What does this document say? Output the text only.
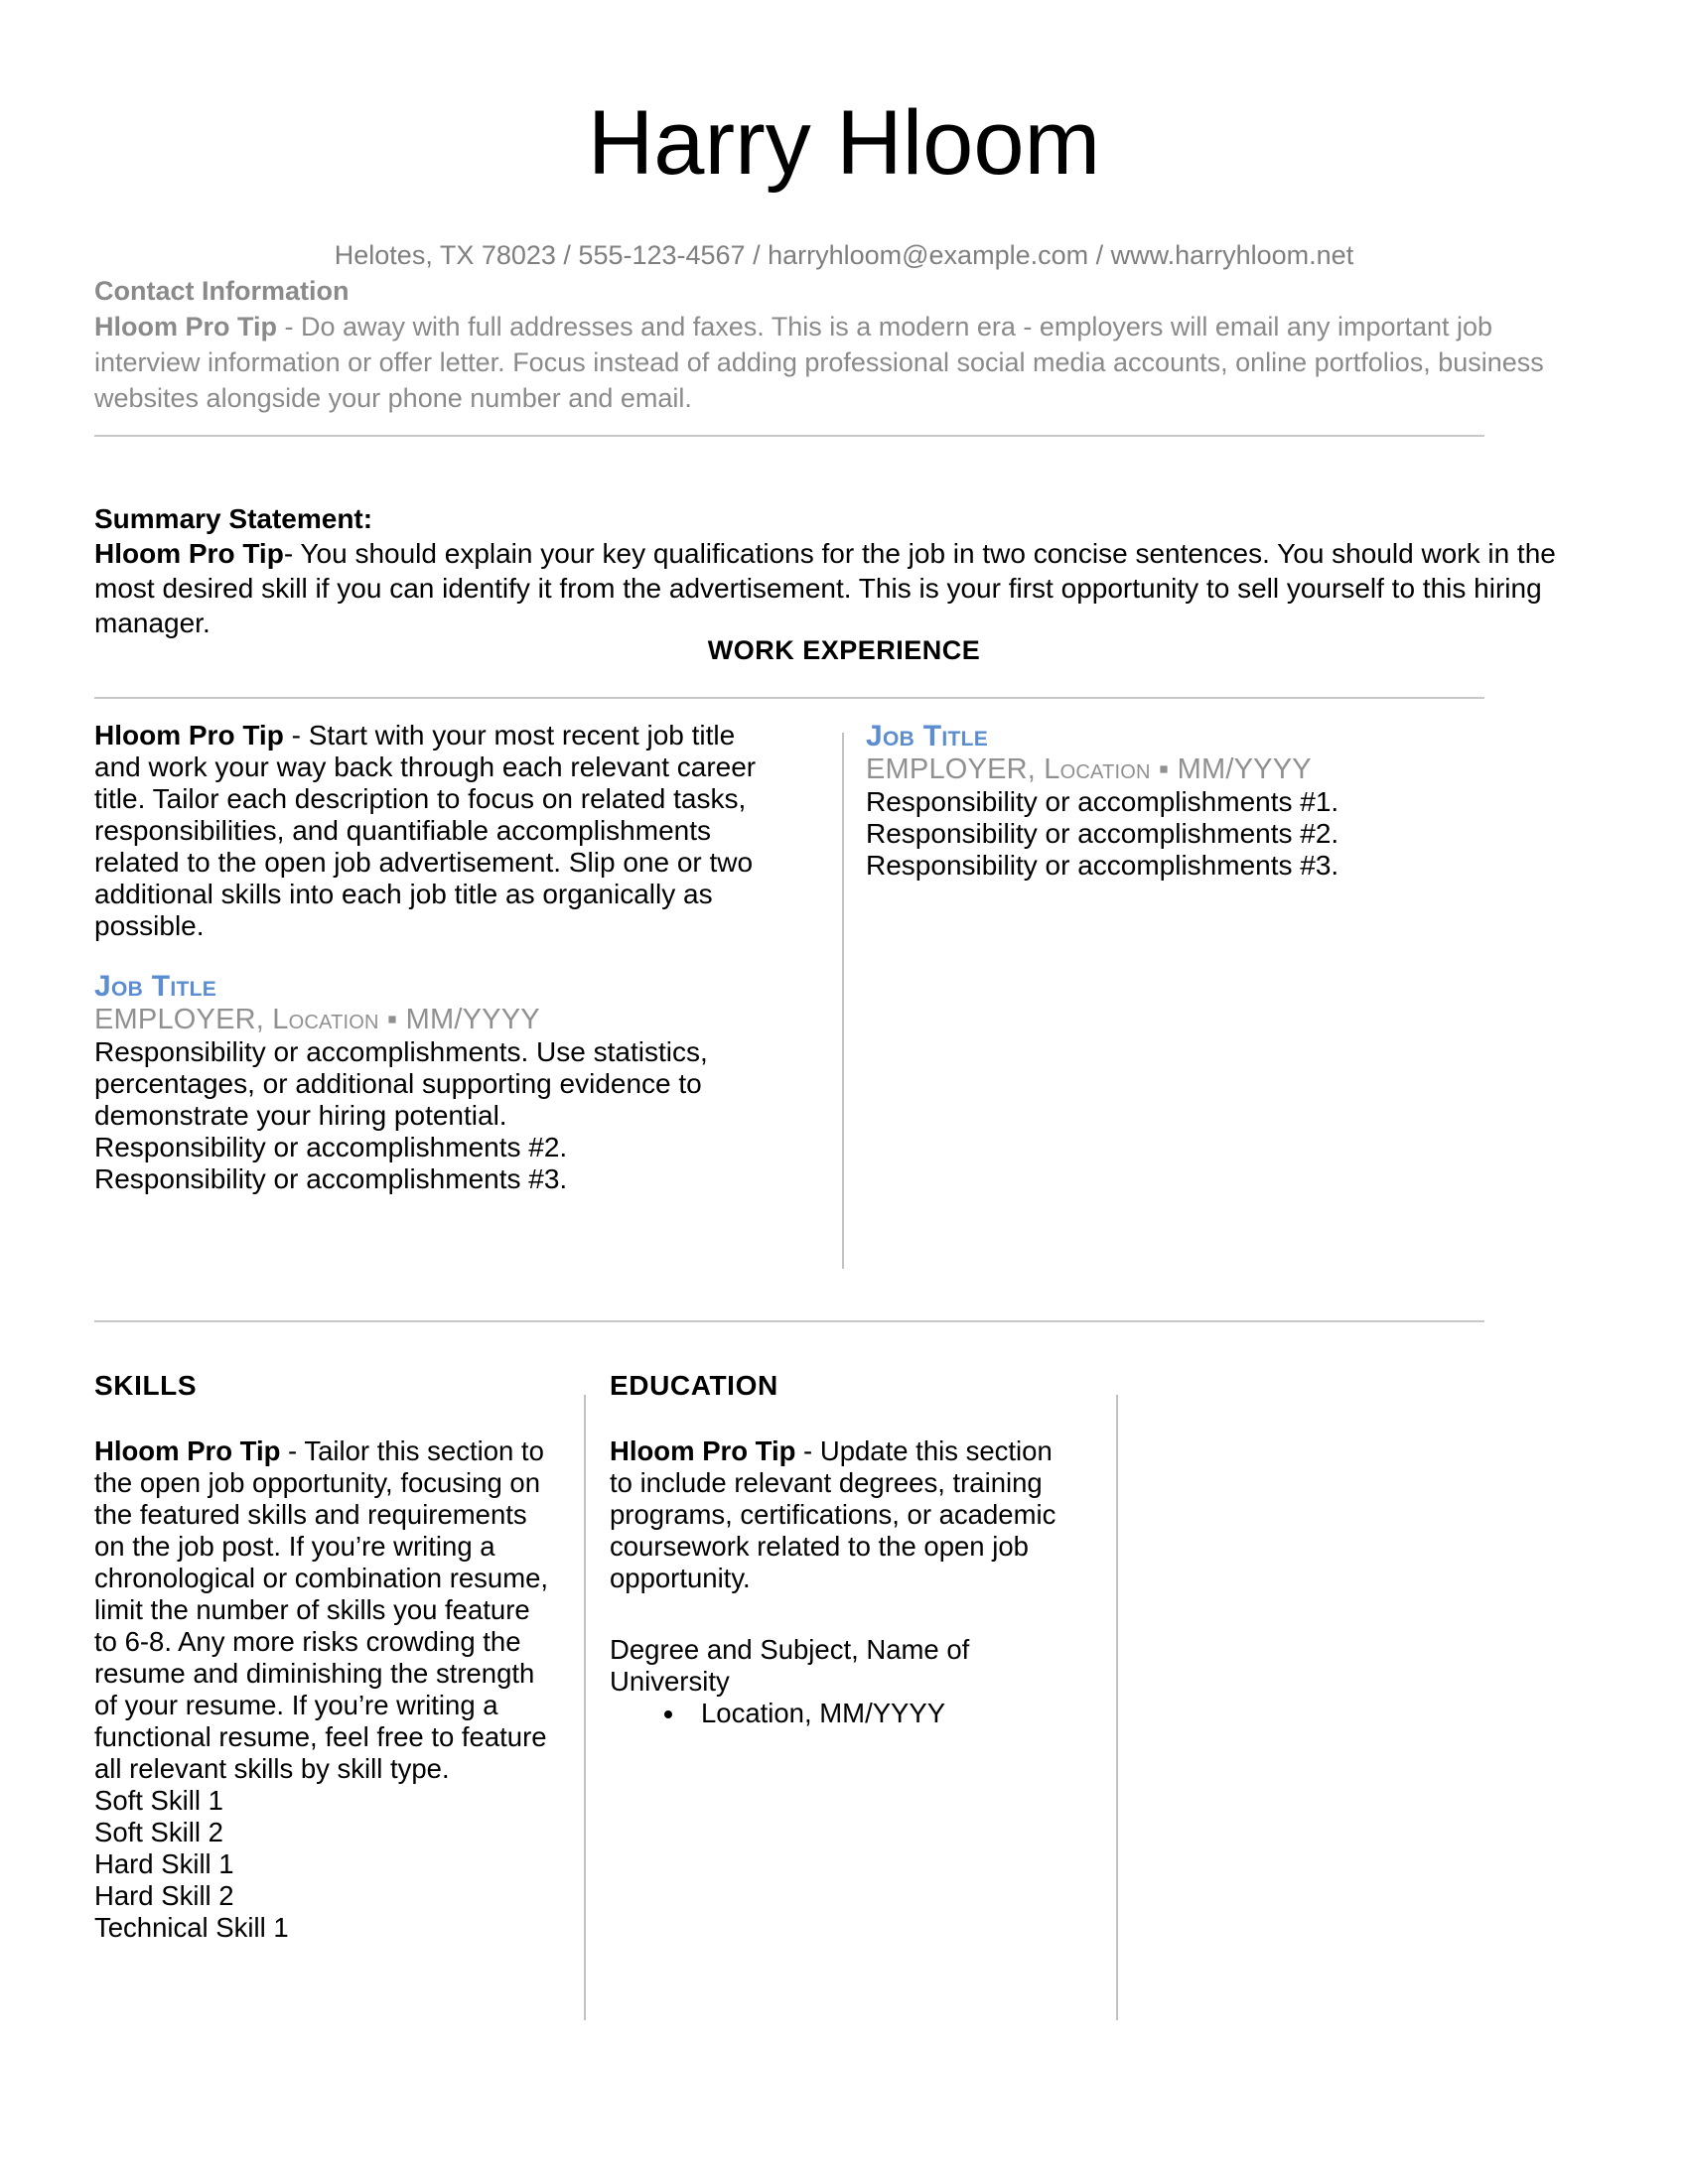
Harry Hloom
Helotes, TX 78023 / 555-123-4567 / harryhloom@example.com / www.harryhloom.net
Contact Information
Hloom Pro Tip - Do away with full addresses and faxes. This is a modern era - employers will email any important job interview information or offer letter. Focus instead of adding professional social media accounts, online portfolios, business websites alongside your phone number and email.
Summary Statement:
Hloom Pro Tip- You should explain your key qualifications for the job in two concise sentences. You should work in the most desired skill if you can identify it from the advertisement. This is your first opportunity to sell yourself to this hiring manager.
WORK EXPERIENCE
Hloom Pro Tip - Start with your most recent job title and work your way back through each relevant career title. Tailor each description to focus on related tasks, responsibilities, and quantifiable accomplishments related to the open job advertisement. Slip one or two additional skills into each job title as organically as possible.
Job Title
EMPLOYER, Location ▪ MM/YYYY
Responsibility or accomplishments. Use statistics, percentages, or additional supporting evidence to demonstrate your hiring potential.
Responsibility or accomplishments #2.
Responsibility or accomplishments #3.
Job Title
EMPLOYER, Location ▪ MM/YYYY
Responsibility or accomplishments #1.
Responsibility or accomplishments #2.
Responsibility or accomplishments #3.
SKILLS
Hloom Pro Tip - Tailor this section to the open job opportunity, focusing on the featured skills and requirements on the job post. If you’re writing a chronological or combination resume, limit the number of skills you feature to 6-8. Any more risks crowding the resume and diminishing the strength of your resume. If you’re writing a functional resume, feel free to feature all relevant skills by skill type.
Soft Skill 1
Soft Skill 2
Hard Skill 1
Hard Skill 2
Technical Skill 1
EDUCATION
Hloom Pro Tip - Update this section to include relevant degrees, training programs, certifications, or academic coursework related to the open job opportunity.
Degree and Subject, Name of University
• Location, MM/YYYY
